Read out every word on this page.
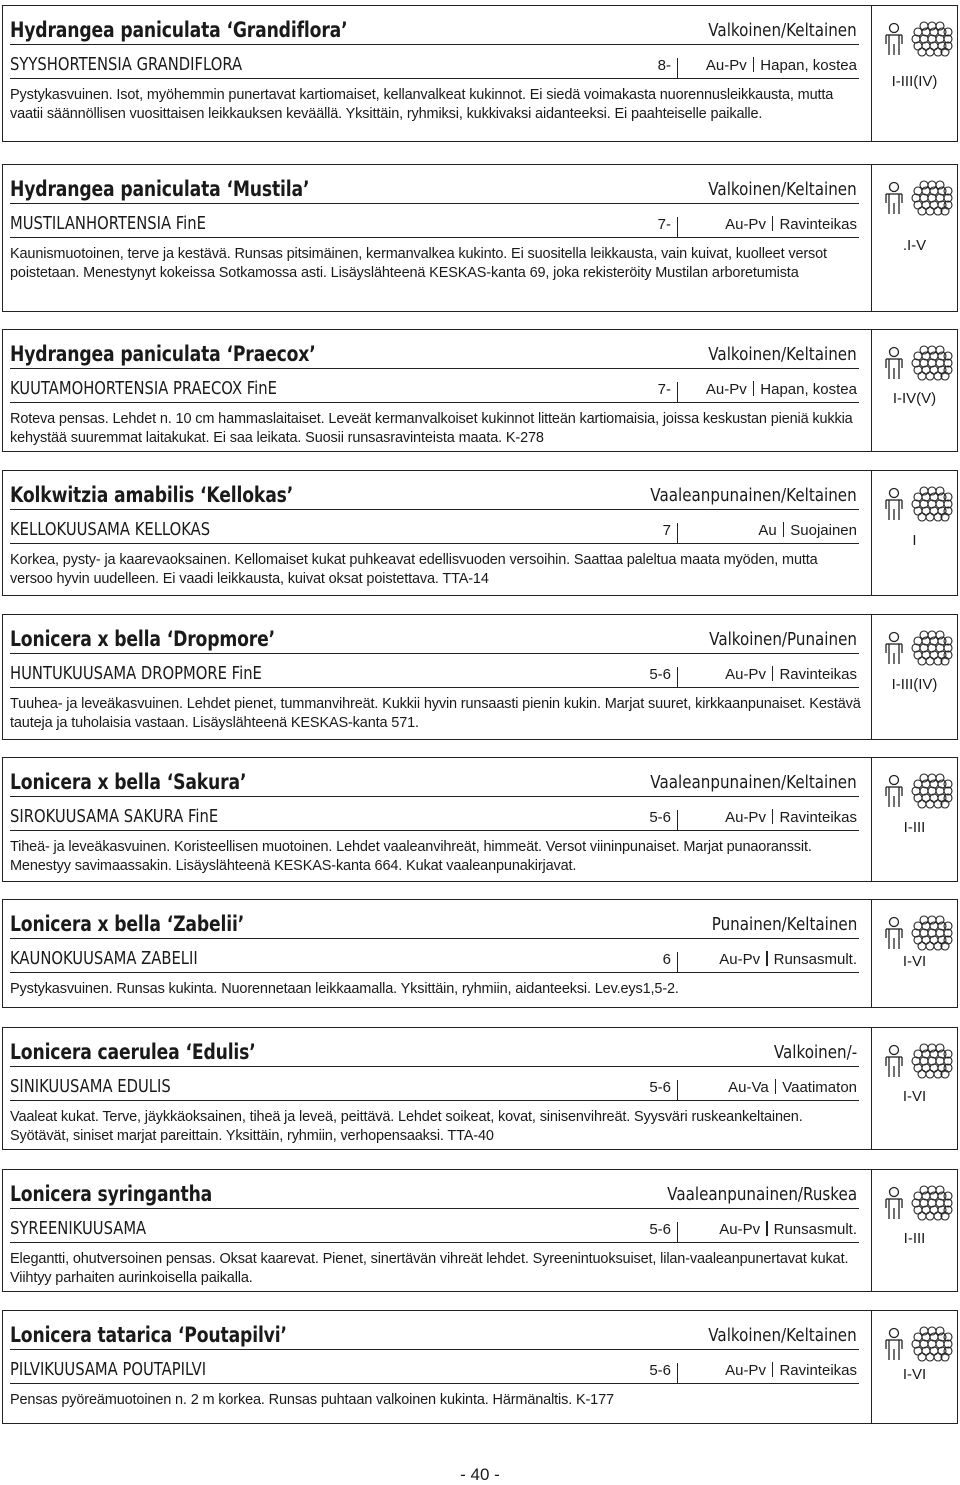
Hydrangea paniculata ‘Grandiflora’	Valkoinen/Keltainen
SYYSHORTENSIA GRANDIFLORA	8- Au-Pv Hapan, kostea
Pystykasvuinen. Isot, myöhemmin punertavat kartiomaiset, kellanvalkeat kukinnot. Ei siedä voimakasta nuorennusleikkausta, mutta vaatii säännöllisen vuosittaisen leikkauksen keväällä. Yksittäin, ryhmiksi, kukkivaksi aidanteeksi. Ei paahteiselle paikalle.
I-III(IV)
Hydrangea paniculata ‘Mustila’	Valkoinen/Keltainen
MUSTILANHORTENSIA FinE	7-	Au-Pv Ravinteikas
Kaunismuotoinen, terve ja kestävä. Runsas pitsimäinen, kermanvalkea kukinto. Ei suositella leikkausta, vain kuivat, kuolleet versot poistetaan. Menestynyt kokeissa Sotkamossa asti. Lisäyslähteenä KESKAS-kanta 69, joka rekisteröity Mustilan arboretumista
.I-V
Hydrangea paniculata ‘Praecox’	Valkoinen/Keltainen
KUUTAMOHORTENSIA PRAECOX FinE	7- Au-Pv Hapan, kostea
Roteva pensas. Lehdet n. 10 cm hammaslaitaiset. Leveät kermanvalkoiset kukinnot litteän kartiomaisia, joissa keskustan pieniä kukkia kehystää suuremmat laitakukat. Ei saa leikata. Suosii runsasravinteista maata. K-278
I-IV(V)
Kolkwitzia amabilis ‘Kellokas’	Vaaleanpunainen/Keltainen
KELLOKUUSAMA KELLOKAS	7	Au Suojainen
Korkea, pysty- ja kaarevaoksainen. Kellomaiset kukat puhkeavat edellisvuoden versoihin. Saattaa paleltua maata myöden, mutta versoo hyvin uudelleen. Ei vaadi leikkausta, kuivat oksat poistettava. TTA-14
I
Lonicera x bella ‘Dropmore’	Valkoinen/Punainen
HUNTUKUUSAMA DROPMORE FinE	5-6	Au-Pv Ravinteikas
Tuuhea- ja leveäkasvuinen. Lehdet pienet, tummanvihreät. Kukkii hyvin runsaasti pienin kukin. Marjat suuret, kirkkaanpunaiset. Kestävä tauteja ja tuholaisia vastaan. Lisäyslähteenä KESKAS-kanta 571.
I-III(IV)
Lonicera x bella ‘Sakura’	Vaaleanpunainen/Keltainen
SIROKUUSAMA SAKURA FinE	5-6	Au-Pv Ravinteikas
Tiheä- ja leveäkasvuinen. Koristeellisen muotoinen. Lehdet vaaleanvihreät, himmeät. Versot viininpunaiset. Marjat punaoranssit. Menestyy savimaassakin. Lisäyslähteenä KESKAS-kanta 664. Kukat vaaleanpunakirjavat.
I-III
Lonicera x bella ‘Zabelii’	Punainen/Keltainen
KAUNOKUUSAMA ZABELII	6	Au-Pv Runsasmult.
Pystykasvuinen. Runsas kukinta. Nuorennetaan leikkaamalla. Yksittäin, ryhmiin, aidanteeksi. Lev.eys1,5-2.
I-VI
Lonicera caerulea ‘Edulis’	Valkoinen/-
SINIKUUSAMA EDULIS	5-6	Au-Va Vaatimaton
Vaaleat kukat. Terve, jäykkäoksainen, tiheä ja leveä, peittävä. Lehdet soikeat, kovat, sinisenvihreät. Syysväri ruskeankeltainen. Syötävät, siniset marjat pareittain. Yksittäin, ryhmiin, verhopensaaksi. TTA-40
I-VI
Lonicera syringantha	Vaaleanpunainen/Ruskea
SYREENIKUUSAMA	5-6	Au-Pv Runsasmult.
Elegantti, ohutversoinen pensas. Oksat kaarevat. Pienet, sinertävän vihreät lehdet. Syreenintuoksuiset, lilan-vaaleanpunertavat kukat. Viihtyy parhaiten aurinkoisella paikalla.
I-III
Lonicera tatarica ‘Poutapilvi’	Valkoinen/Keltainen
PILVIKUUSAMA POUTAPILVI	5-6	Au-Pv Ravinteikas
Pensas pyöreämuotoinen n. 2 m korkea. Runsas puhtaan valkoinen kukinta. Härmänaltis. K-177
I-VI
- 40 -
